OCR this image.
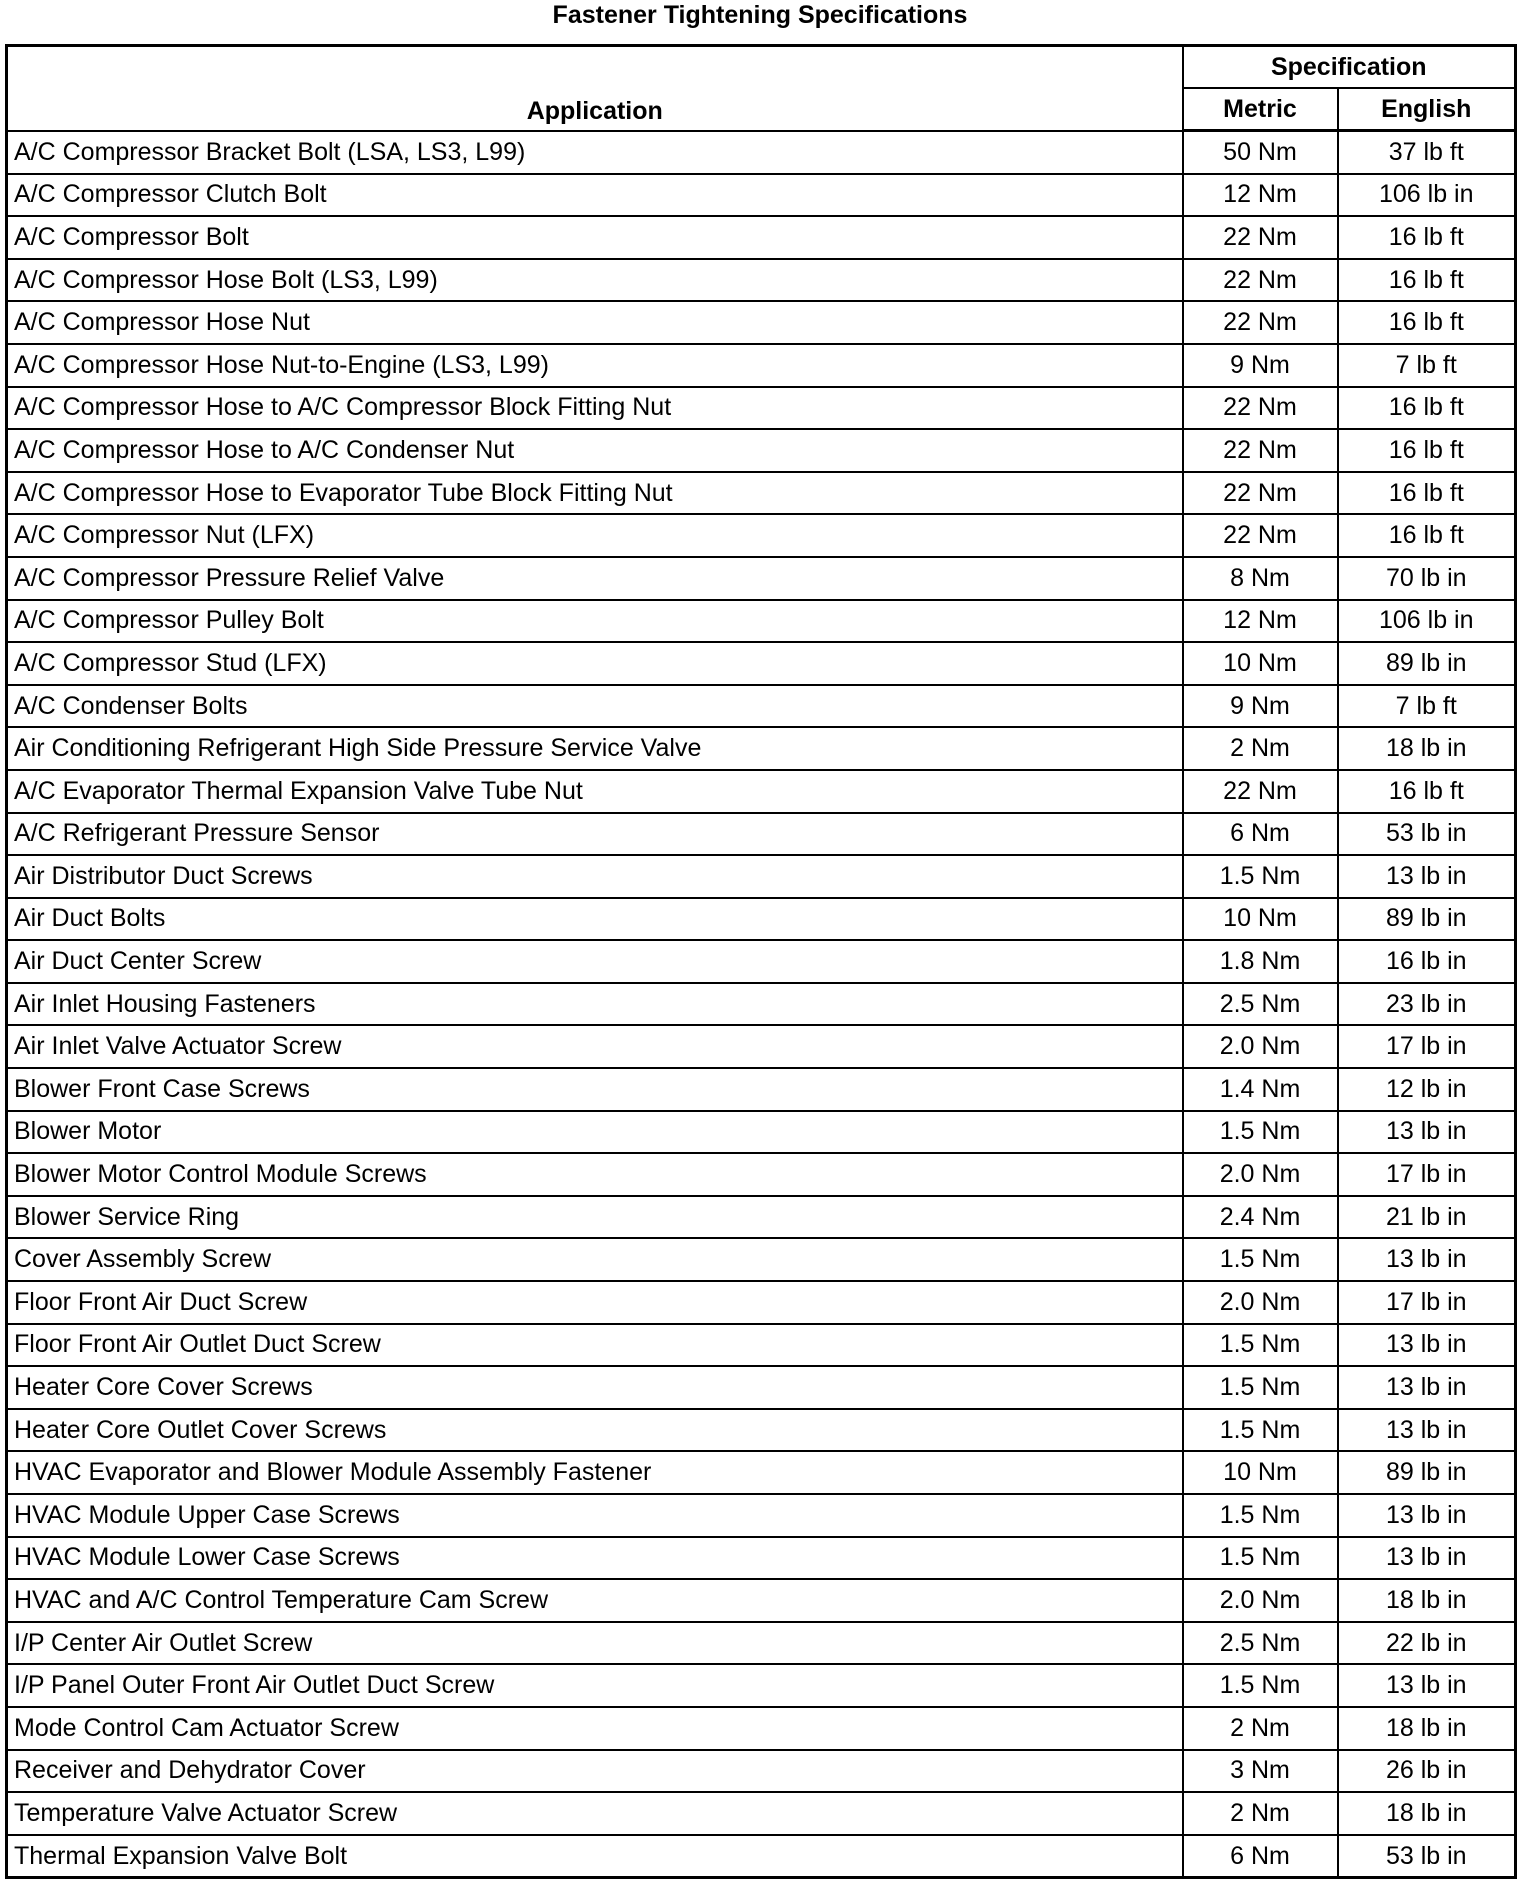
Fastener Tightening Specifications
Application	Specification	
	Metric	English
A/C Compressor Bracket Bolt (LSA, LS3, L99)	50 Nm	37 lb ft
A/C Compressor Clutch Bolt	12 Nm	106 lb in
A/C Compressor Bolt	22 Nm	16 lb ft
A/C Compressor Hose Bolt (LS3, L99)	22 Nm	16 lb ft
A/C Compressor Hose Nut	22 Nm	16 lb ft
A/C Compressor Hose Nut-to-Engine (LS3, L99)	9 Nm	7 lb ft
A/C Compressor Hose to A/C Compressor Block Fitting Nut	22 Nm	16 lb ft
A/C Compressor Hose to A/C Condenser Nut	22 Nm	16 lb ft
A/C Compressor Hose to Evaporator Tube Block Fitting Nut	22 Nm	16 lb ft
A/C Compressor Nut (LFX)	22 Nm	16 lb ft
A/C Compressor Pressure Relief Valve	8 Nm	70 lb in
A/C Compressor Pulley Bolt	12 Nm	106 lb in
A/C Compressor Stud (LFX)	10 Nm	89 lb in
A/C Condenser Bolts	9 Nm	7 lb ft
Air Conditioning Refrigerant High Side Pressure Service Valve	2 Nm	18 lb in
A/C Evaporator Thermal Expansion Valve Tube Nut	22 Nm	16 lb ft
A/C Refrigerant Pressure Sensor	6 Nm	53 lb in
Air Distributor Duct Screws	1.5 Nm	13 lb in
Air Duct Bolts	10 Nm	89 lb in
Air Duct Center Screw	1.8 Nm	16 lb in
Air Inlet Housing Fasteners	2.5 Nm	23 lb in
Air Inlet Valve Actuator Screw	2.0 Nm	17 lb in
Blower Front Case Screws	1.4 Nm	12 lb in
Blower Motor	1.5 Nm	13 lb in
Blower Motor Control Module Screws	2.0 Nm	17 lb in
Blower Service Ring	2.4 Nm	21 lb in
Cover Assembly Screw	1.5 Nm	13 lb in
Floor Front Air Duct Screw	2.0 Nm	17 lb in
Floor Front Air Outlet Duct Screw	1.5 Nm	13 lb in
Heater Core Cover Screws	1.5 Nm	13 lb in
Heater Core Outlet Cover Screws	1.5 Nm	13 lb in
HVAC Evaporator and Blower Module Assembly Fastener	10 Nm	89 lb in
HVAC Module Upper Case Screws	1.5 Nm	13 lb in
HVAC Module Lower Case Screws	1.5 Nm	13 lb in
HVAC and A/C Control Temperature Cam Screw	2.0 Nm	18 lb in
I/P Center Air Outlet Screw	2.5 Nm	22 lb in
I/P Panel Outer Front Air Outlet Duct Screw	1.5 Nm	13 lb in
Mode Control Cam Actuator Screw	2 Nm	18 lb in
Receiver and Dehydrator Cover	3 Nm	26 lb in
Temperature Valve Actuator Screw	2 Nm	18 lb in
Thermal Expansion Valve Bolt	6 Nm	53 lb in
